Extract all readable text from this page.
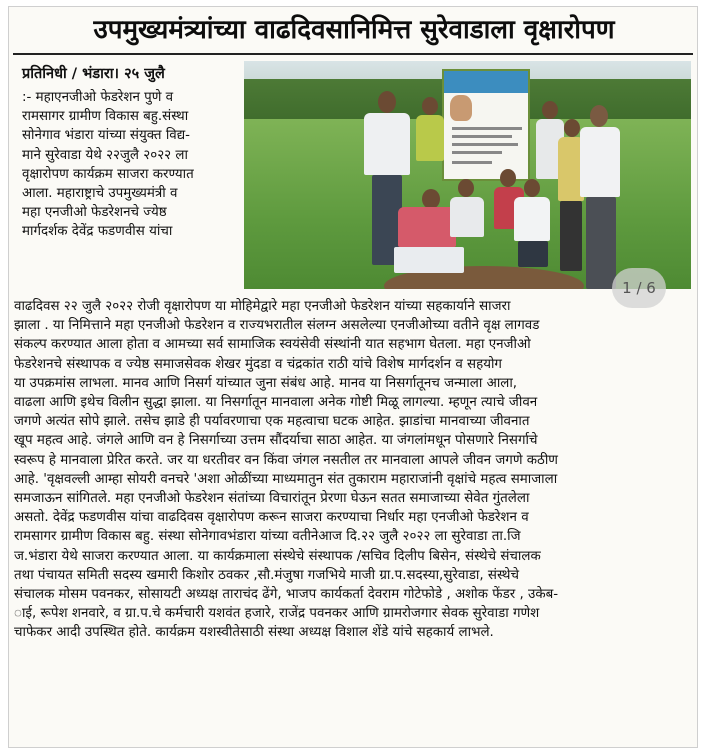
उपमुख्यमंत्र्यांच्या वाढदिवसानिमित्त सुरेवाडाला वृक्षारोपण
प्रतिनिधी / भंडारा। २५ जुलै

:- महाएनजीओ फेडरेशन पुणे व

रामसागर ग्रामीण विकास बहु.संस्था

सोनेगाव भंडारा यांच्या संयुक्त विद्य-

माने सुरेवाडा येथे २२जुलै २०२२ ला

वृक्षारोपण कार्यक्रम साजरा करण्यात

आला. महाराष्ट्राचे उपमुख्यमंत्री व

महा एनजीओ फेडरेशनचे ज्येष्ठ

मार्गदर्शक देवेंद्र फडणवीस यांचा

1 / 6

वाढदिवस २२ जुलै २०२२ रोजी वृक्षारोपण या मोहिमेद्वारे महा एनजीओ फेडरेशन यांच्या सहकार्याने साजरा

झाला . या निमित्ताने महा एनजीओ फेडरेशन व राज्यभरातील संलग्न असलेल्या एनजीओच्या वतीने वृक्ष लागवड

संकल्प करण्यात आला होता व आमच्या सर्व सामाजिक स्वयंसेवी संस्थांनी यात सहभाग घेतला. महा एनजीओ

फेडरेशनचे संस्थापक व ज्येष्ठ समाजसेवक शेखर मुंदडा व चंद्रकांत राठी यांचे विशेष मार्गदर्शन व सहयोग

या उपक्रमांस लाभला. मानव आणि निसर्ग यांच्यात जुना संबंध आहे. मानव या निसर्गातूनच जन्माला आला,

वाढला आणि इथेच विलीन सुद्धा झाला. या निसर्गातून मानवाला अनेक गोष्टी मिळू लागल्या. म्हणून त्याचे जीवन

जगणे अत्यंत सोपे झाले. तसेच झाडे ही पर्यावरणाचा एक महत्वाचा घटक आहेत. झाडांचा मानवाच्या जीवनात

खूप महत्व आहे. जंगले आणि वन हे निसर्गाच्या उत्तम सौंदर्याचा साठा आहेत. या जंगलांमधून पोसणारे निसर्गाचे

स्वरूप हे मानवाला प्रेरित करते. जर या धरतीवर वन किंवा जंगल नसतील तर मानवाला आपले जीवन जगणे कठीण

आहे. 'वृक्षवल्ली आम्हा सोयरी वनचरे 'अशा ओळींच्या माध्यमातुन संत तुकाराम महाराजांनी वृक्षांचे महत्व समाजाला

समजाऊन सांगितले. महा एनजीओ फेडरेशन संतांच्या विचारांतून प्रेरणा घेऊन सतत समाजाच्या सेवेत गुंतलेला

असतो. देवेंद्र फडणवीस यांचा वाढदिवस वृक्षारोपण करून साजरा करण्याचा निर्धार महा एनजीओ फेडरेशन व

रामसागर ग्रामीण विकास बहु. संस्था सोनेगावभंडारा यांच्या वतीनेआज दि.२२ जुलै २०२२ ला सुरेवाडा ता.जि

ज.भंडारा येथे साजरा करण्यात आला. या कार्यक्रमाला संस्थेचे संस्थापक /सचिव दिलीप बिसेन, संस्थेचे संचालक

तथा पंचायत समिती सदस्य खमारी किशोर ठवकर ,सौ.मंजुषा गजभिये माजी ग्रा.प.सदस्या,सुरेवाडा, संस्थेचे

संचालक मोसम पवनकर, सोसायटी अध्यक्ष ताराचंद ढेंगे, भाजप कार्यकर्ता देवराम गोटेफोडे , अशोक फेंडर , उकेब-

ाई, रूपेश शनवारे, व ग्रा.प.चे कर्मचारी यशवंत हजारे, राजेंद्र पवनकर आणि ग्रामरोजगार सेवक सुरेवाडा गणेश

चाफेकर आदी उपस्थित होते. कार्यक्रम यशस्वीतेसाठी संस्था अध्यक्ष विशाल शेंडे यांचे सहकार्य लाभले.
